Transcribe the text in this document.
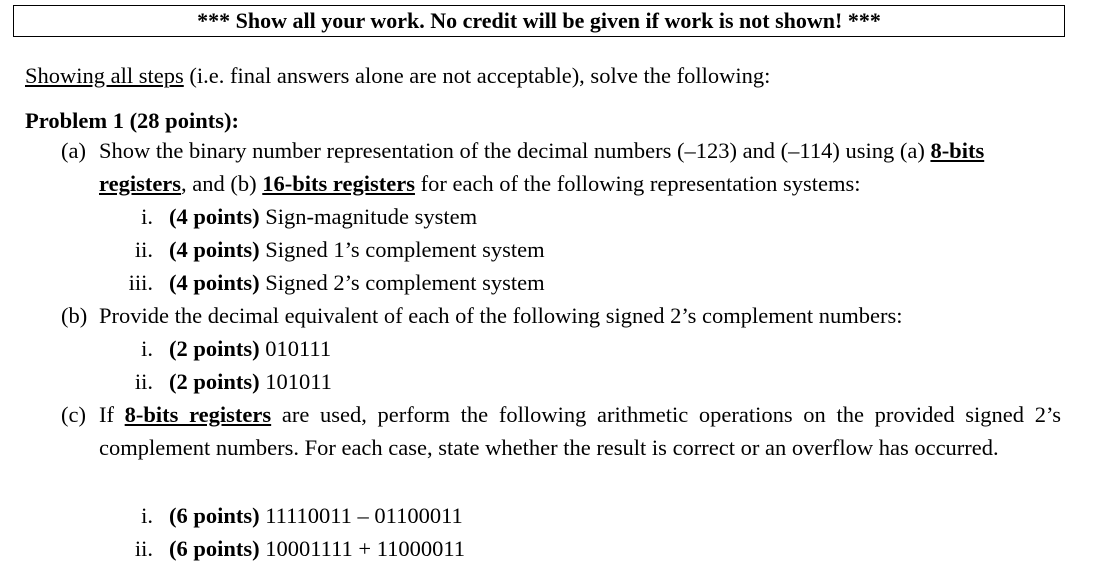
*** Show all your work. No credit will be given if work is not shown! ***
Showing all steps (i.e. final answers alone are not acceptable), solve the following:
Problem 1 (28 points):
(a) Show the binary number representation of the decimal numbers (–123) and (–114) using (a) 8-bits registers, and (b) 16-bits registers for each of the following representation systems:
i. (4 points) Sign-magnitude system
ii. (4 points) Signed 1’s complement system
iii. (4 points) Signed 2’s complement system
(b) Provide the decimal equivalent of each of the following signed 2’s complement numbers:
i. (2 points) 010111
ii. (2 points) 101011
(c) If 8-bits registers are used, perform the following arithmetic operations on the provided signed 2’s complement numbers. For each case, state whether the result is correct or an overflow has occurred.
i. (6 points) 11110011 – 01100011
ii. (6 points) 10001111 + 11000011
